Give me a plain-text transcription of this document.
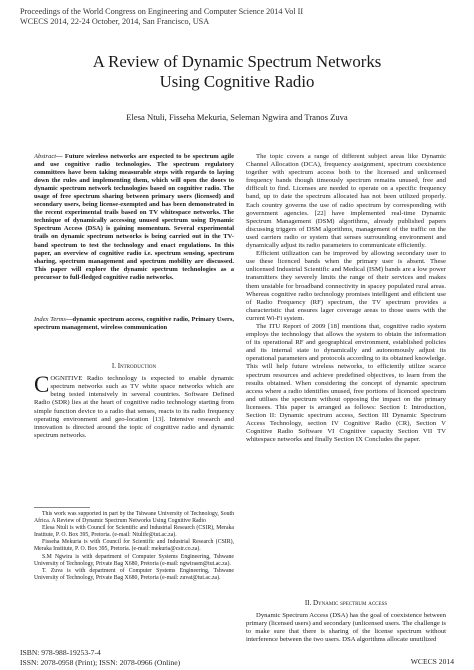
Proceedings of the World Congress on Engineering and Computer Science 2014 Vol II
WCECS 2014, 22-24 October, 2014, San Francisco, USA
A Review of Dynamic Spectrum Networks
Using Cognitive Radio
Elesa Ntuli, Fisseha Mekuria, Seleman Ngwira and Tranos Zuva
Abstract— Future wireless networks are expected to be spectrum agile and use cognitive radio technologies. The spectrum regulatory committees have been taking measurable steps with regards to laying down the rules and implementing them, which will open the doors to dynamic spectrum network technologies based on cognitive radio. The usage of free spectrum sharing between primary users (licensed) and secondary users, being license-exempted and has been demonstrated in the recent experimental trails based on TV whitespace networks. The technique of dynamically accessing unused spectrum using Dynamic Spectrum Access (DSA) is gaining momentum. Several experimental trails on dynamic spectrum networks is being carried out in the TV-band spectrum to test the technology and enact regulations. In this paper, an overview of cognitive radio i.e. spectrum sensing, spectrum sharing, spectrum management and spectrum mobility are discussed. This paper will explore the dynamic spectrum technologies as a precursor to full-fledged cognitive radio networks.
Index Terms—dynamic spectrum access, cognitive radio, Primary Users, spectrum management, wireless communication
I. Introduction
COGNITIVE Radio technology is expected to enable dynamic spectrum networks such as TV white space networks which are being tested intensively in several countries. Software Defined Radio (SDR) lies at the heart of cognitive radio technology starting from simple function device to a radio that senses, reacts to its radio frequency operating environment and geo-location [13]. Intensive research and innovation is directed around the topic of cognitive radio and dynamic spectrum networks.

This work was supported in part by the Tshwane University of Technology, South Africa. A Review of Dynamic Spectrum Networks Using Cognitive Radio

Elesa Ntuli is with Council for Scientific and Industrial Research (CSIR), Meraka Institute, P. O. Box 395, Pretoria. (e-mail: Ntulife@tut.ac.za).

Fisseha Mekuria is with Council for Scientific and Industrial Research (CSIR), Meraka Institute, P. O. Box 395, Pretoria. (e-mail: mekuria@csir.co.za).

S.M Ngwira is with department of Computer Systems Engineering, Tshwane University of Technology, Private Bag X680, Pretoria (e-mail: ngwirasm@tut.ac.za).

T. Zuva is with department of Computer Systems Engineering, Tshwane University of Technology, Private Bag X680, Pretoria (e-mail: zuvat@tut.ac.za).

The topic covers a range of different subject areas like Dynamic Channel Allocation (DCA), frequency assignment, spectrum coexistence together with spectrum access both to the licensed and unlicensed frequency bands though timeously spectrum remains unused, free and difficult to find. Licenses are needed to operate on a specific frequency band, up to date the spectrum allocated has not been utilized properly. Each country governs the use of radio spectrum by corresponding with government agencies. [22] have implemented real-time Dynamic Spectrum Management (DSM) algorithms, already published papers discussing triggers of DSM algorithms, management of the traffic on the used carriers radio or system that senses surrounding environment and dynamically adjust its radio parameters to communicate efficiently.

Efficient utilization can be improved by allowing secondary user to use these licenced bands when the primary user is absent. These unlicensed Industrial Scientific and Medical (ISM) bands are a low power transmitters they severely limits the range of their services and makes them unstable for broadband connectivity in spacey populated rural areas. Whereas cognitive radio technology promises intelligent and efficient use of Radio Frequency (RF) spectrum, the TV spectrum provides a characteristic that ensures lager coverage areas to those users with the current Wi-Fi system.

The ITU Report of 2009 [18] mentions that, cognitive radio system employs the technology that allows the system to obtain the information of its operational RF and geographical environment, established policies and its internal state to dynamically and autonomously adjust its operational parameters and protocols according to its obtained knowledge. This will help future wireless networks, to efficiently utilize scarce spectrum resources and achieve predefined objectives, to learn from the results obtained. When considering the concept of dynamic spectrum access where a radio identifies unused, free portions of licenced spectrum and utilises the spectrum without opposing the impact on the primary licensees. This paper is arranged as follows: Section I: Introduction, Section II: Dynamic spectrum access, Section III Dynamic Spectrum Access Technology, section IV Cognitive Radio (CR), Section V Cognitive Radio Software VI Cognitive capacity Section VII TV whitespace networks and finally Section IX Concludes the paper.

II. Dynamic spectrum access

Dynamic Spectrum Access (DSA) has the goal of coexistence between primary (licensed users) and secondary (unlicensed users. The challenge is to make sure that there is sharing of the license spectrum without interference between the two users. DSA algorithms allocate unutilized

ISBN: 978-988-19253-7-4
ISSN: 2078-0958 (Print); ISSN: 2078-0966 (Online)	WCECS 2014
